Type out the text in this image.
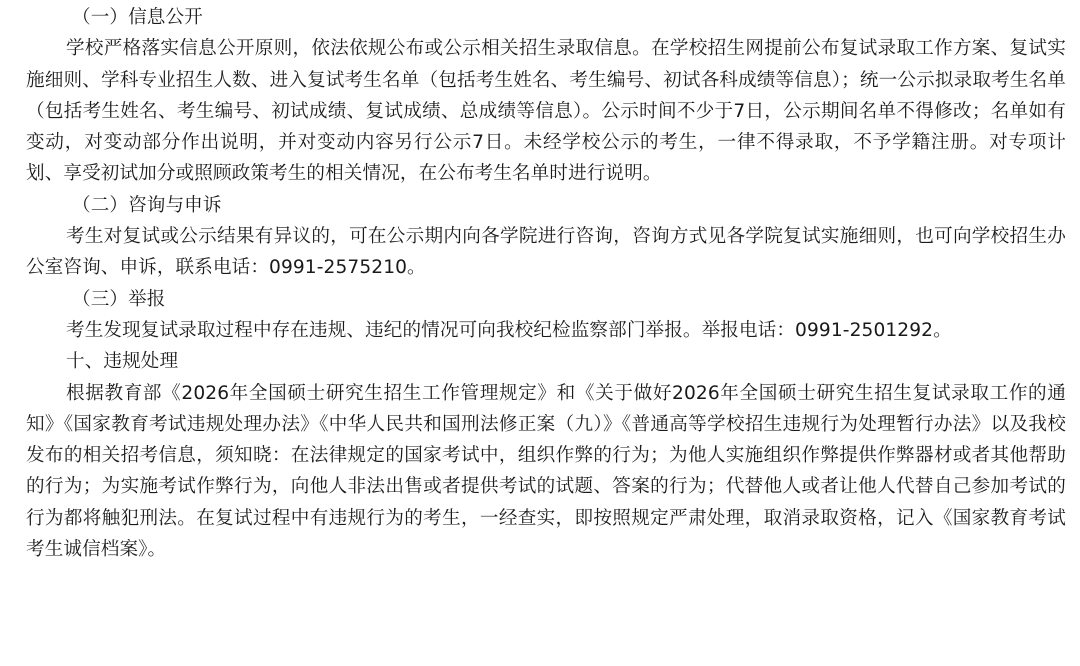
（一）信息公开

学校严格落实信息公开原则，依法依规公布或公示相关招生录取信息。在学校招生网提前公布复试录取工作方案、复试实施细则、学科专业招生人数、进入复试考生名单（包括考生姓名、考生编号、初试各科成绩等信息）；统一公示拟录取考生名单（包括考生姓名、考生编号、初试成绩、复试成绩、总成绩等信息）。公示时间不少于7日，公示期间名单不得修改；名单如有变动，对变动部分作出说明，并对变动内容另行公示7日。未经学校公示的考生，一律不得录取，不予学籍注册。对专项计划、享受初试加分或照顾政策考生的相关情况，在公布考生名单时进行说明。

（二）咨询与申诉

考生对复试或公示结果有异议的，可在公示期内向各学院进行咨询，咨询方式见各学院复试实施细则，也可向学校招生办公室咨询、申诉，联系电话：0991-2575210。

（三）举报

考生发现复试录取过程中存在违规、违纪的情况可向我校纪检监察部门举报。举报电话：0991-2501292。

十、违规处理

根据教育部《2026年全国硕士研究生招生工作管理规定》和《关于做好2026年全国硕士研究生招生复试录取工作的通知》《国家教育考试违规处理办法》《中华人民共和国刑法修正案（九）》《普通高等学校招生违规行为处理暂行办法》以及我校发布的相关招考信息，须知晓：在法律规定的国家考试中，组织作弊的行为；为他人实施组织作弊提供作弊器材或者其他帮助的行为；为实施考试作弊行为，向他人非法出售或者提供考试的试题、答案的行为；代替他人或者让他人代替自己参加考试的行为都将触犯刑法。在复试过程中有违规行为的考生，一经查实，即按照规定严肃处理，取消录取资格，记入《国家教育考试考生诚信档案》。
